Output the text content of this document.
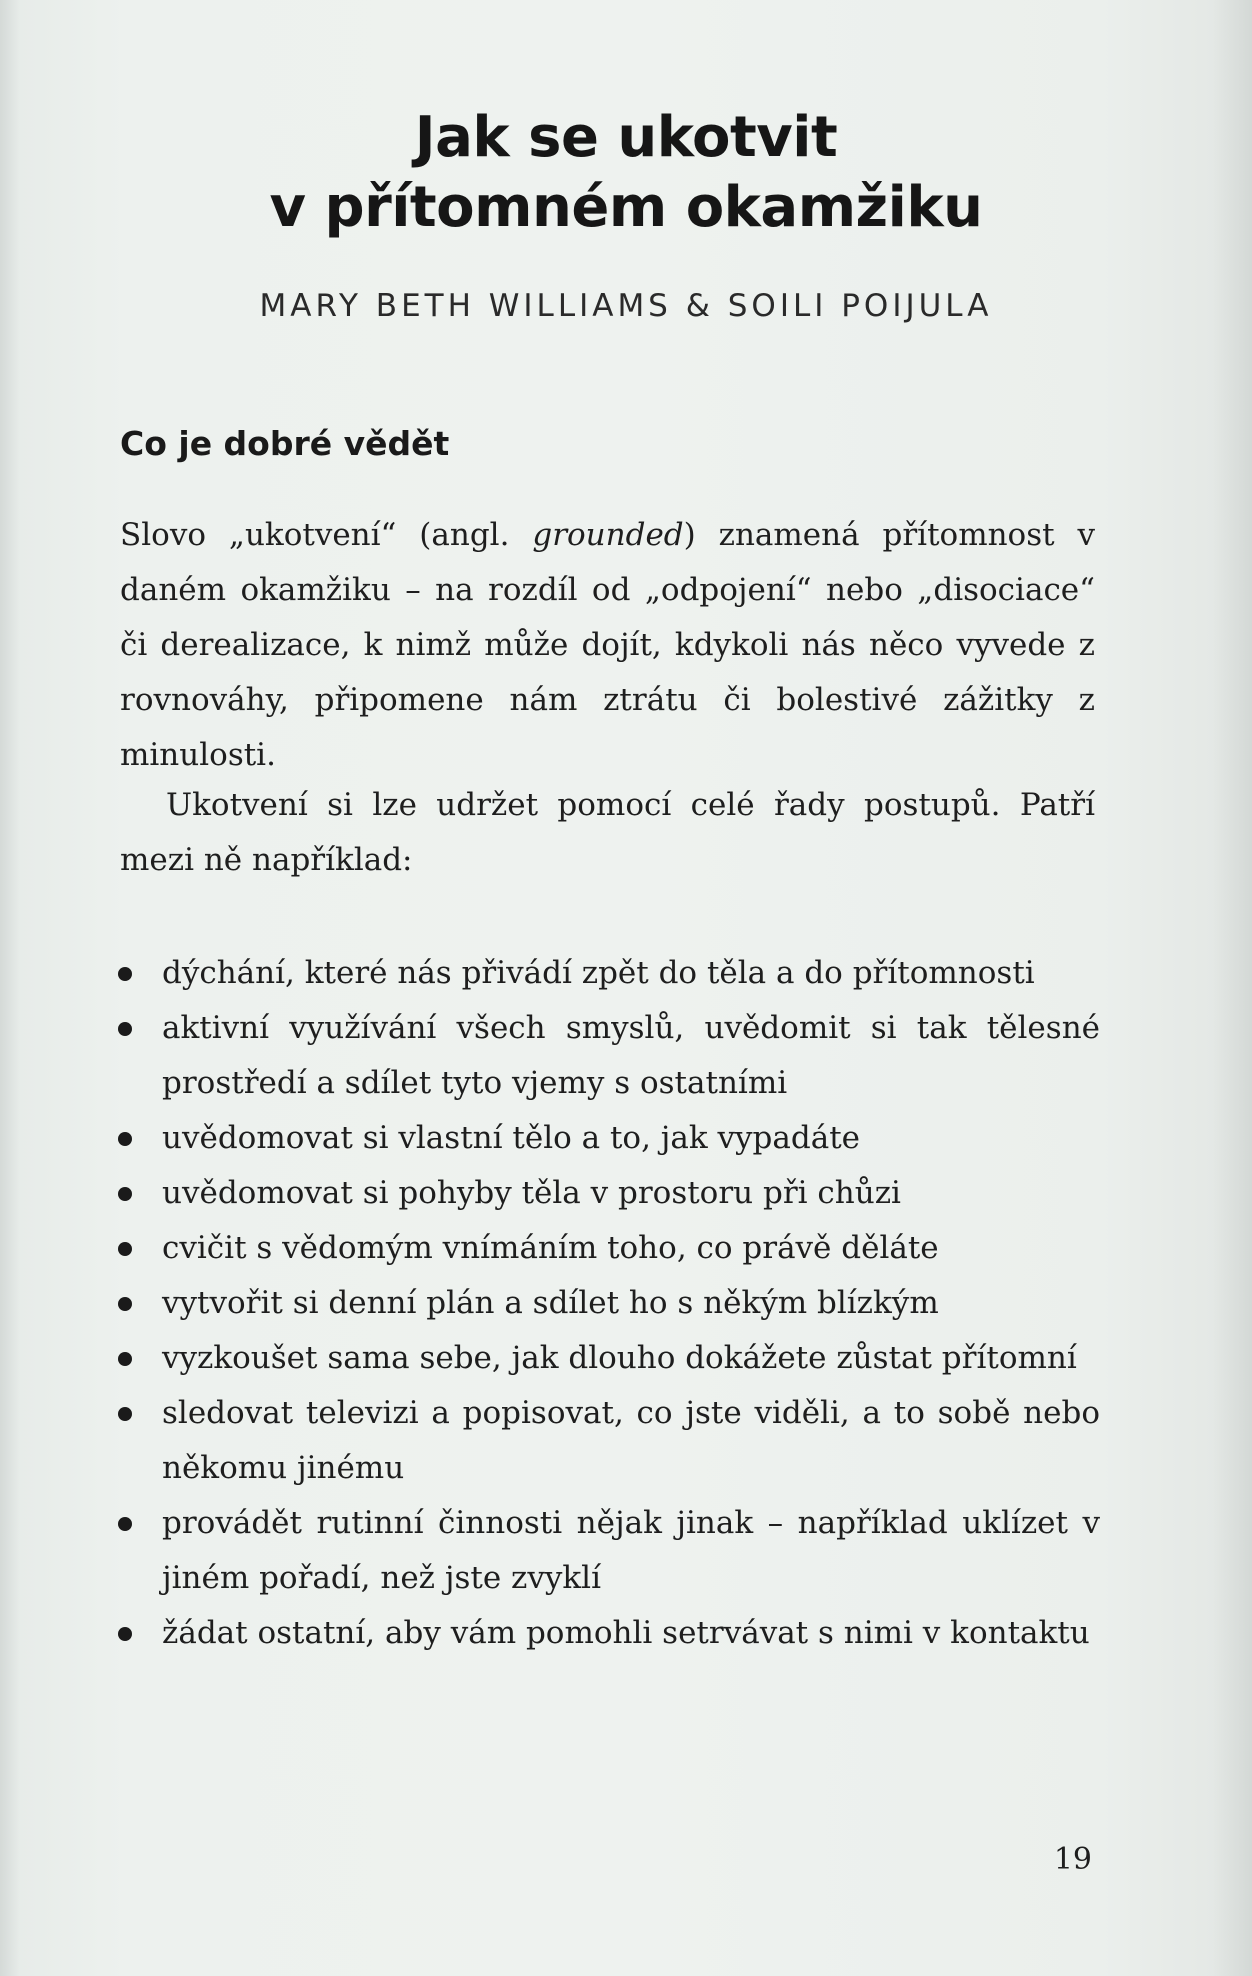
Jak se ukotvit
v přítomném okamžiku
MARY BETH WILLIAMS & SOILI POIJULA
Co je dobré vědět

Slovo „ukotvení“ (angl. grounded) znamená přítomnost v daném okamžiku – na rozdíl od „odpojení“ nebo „disociace“ či derealizace, k nimž může dojít, kdykoli nás něco vyvede z rovnováhy, připomene nám ztrátu či bolestivé zážitky z minulosti.

Ukotvení si lze udržet pomocí celé řady postupů. Patří mezi ně například:

dýchání, které nás přivádí zpět do těla a do přítomnosti
aktivní využívání všech smyslů, uvědomit si tak tělesné prostředí a sdílet tyto vjemy s ostatními
uvědomovat si vlastní tělo a to, jak vypadáte
uvědomovat si pohyby těla v prostoru při chůzi
cvičit s vědomým vnímáním toho, co právě děláte
vytvořit si denní plán a sdílet ho s někým blízkým
vyzkoušet sama sebe, jak dlouho dokážete zůstat přítomní
sledovat televizi a popisovat, co jste viděli, a to sobě nebo někomu jinému
provádět rutinní činnosti nějak jinak – například uklízet v jiném pořadí, než jste zvyklí
žádat ostatní, aby vám pomohli setrvávat s nimi v kontaktu
19
